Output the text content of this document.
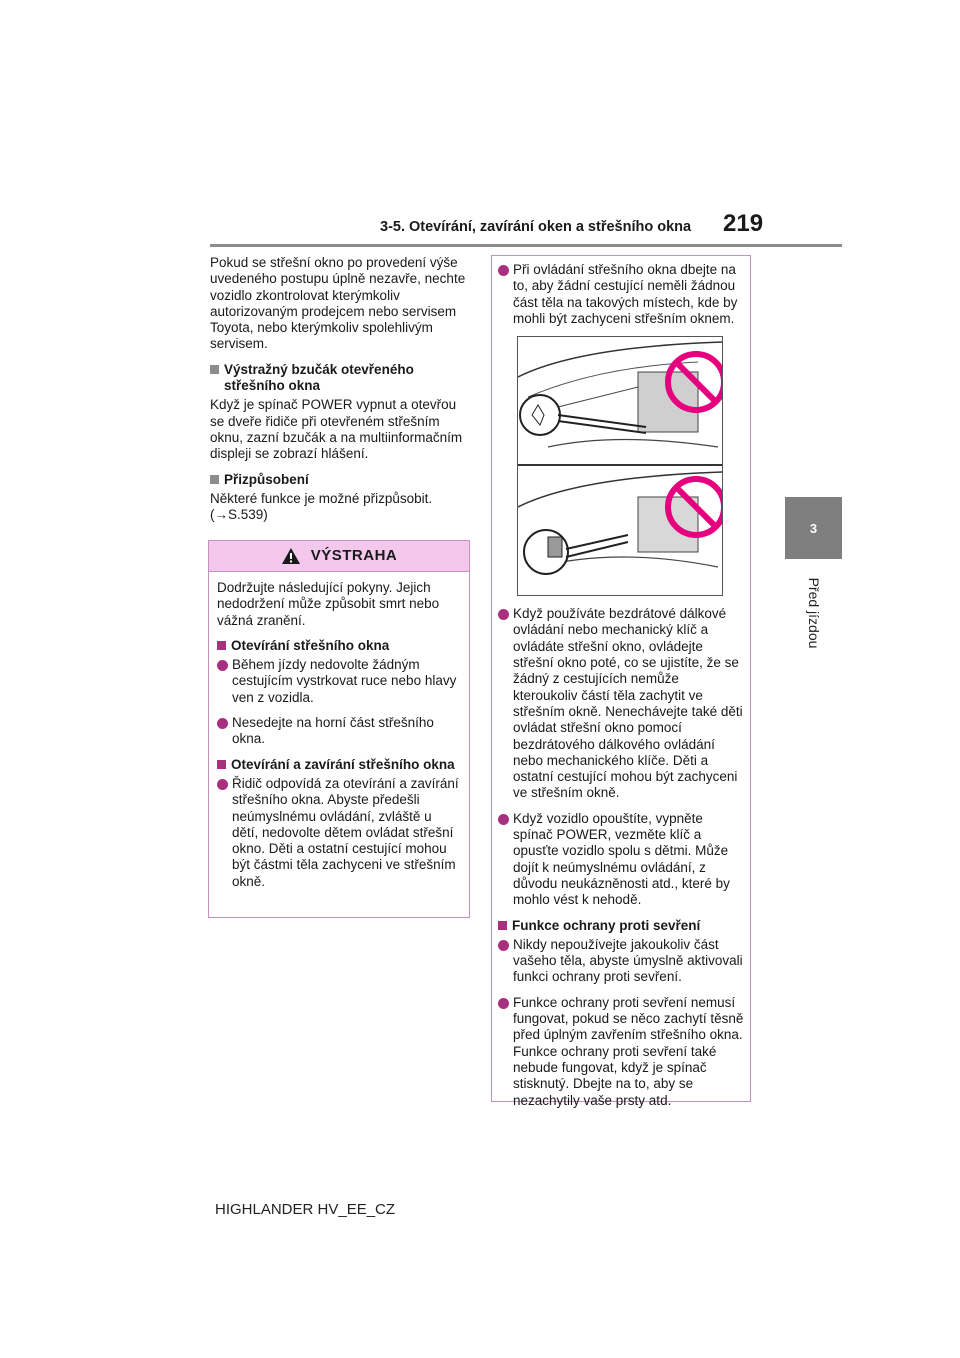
3-5. Otevírání, zavírání oken a střešního okna	219
3
Před jízdou

Pokud se střešní okno po provedení výše uvedeného postupu úplně nezavře, nechte vozidlo zkontrolovat kterýmkoliv autorizovaným prodejcem nebo servisem Toyota, nebo kterýmkoliv spolehlivým servisem.

Výstražný bzučák otevřeného střešního okna

Když je spínač POWER vypnut a otevřou se dveře řidiče při otevřeném střešním oknu, zazní bzučák a na multiinformačním displeji se zobrazí hlášení.

Přizpůsobení

Některé funkce je možné přizpůsobit. (→S.539)

VÝSTRAHA

Dodržujte následující pokyny. Jejich nedodržení může způsobit smrt nebo vážná zranění.

Otevírání střešního okna
Během jízdy nedovolte žádným cestujícím vystrkovat ruce nebo hlavy ven z vozidla.
Nesedejte na horní část střešního okna.
Otevírání a zavírání střešního okna
Řidič odpovídá za otevírání a zavírání střešního okna. Abyste předešli neúmyslnému ovládání, zvláště u dětí, nedovolte dětem ovládat střešní okno. Děti a ostatní cestující mohou být částmi těla zachyceni ve střešním okně.
Při ovládání střešního okna dbejte na to, aby žádní cestující neměli žádnou část těla na takových místech, kde by mohli být zachyceni střešním oknem.
Když používáte bezdrátové dálkové ovládání nebo mechanický klíč a ovládáte střešní okno, ovládejte střešní okno poté, co se ujistíte, že se žádný z cestujících nemůže kteroukoliv částí těla zachytit ve střešním okně. Nenechávejte také děti ovládat střešní okno pomocí bezdrátového dálkového ovládání nebo mechanického klíče. Děti a ostatní cestující mohou být zachyceni ve střešním okně.
Když vozidlo opouštíte, vypněte spínač POWER, vezměte klíč a opusťte vozidlo spolu s dětmi. Může dojít k neúmyslnému ovládání, z důvodu neukázněnosti atd., které by mohlo vést k nehodě.
Funkce ochrany proti sevření
Nikdy nepoužívejte jakoukoliv část vašeho těla, abyste úmyslně aktivovali funkci ochrany proti sevření.
Funkce ochrany proti sevření nemusí fungovat, pokud se něco zachytí těsně před úplným zavřením střešního okna. Funkce ochrany proti sevření také nebude fungovat, když je spínač stisknutý. Dbejte na to, aby se nezachytily vaše prsty atd.
HIGHLANDER HV_EE_CZ
